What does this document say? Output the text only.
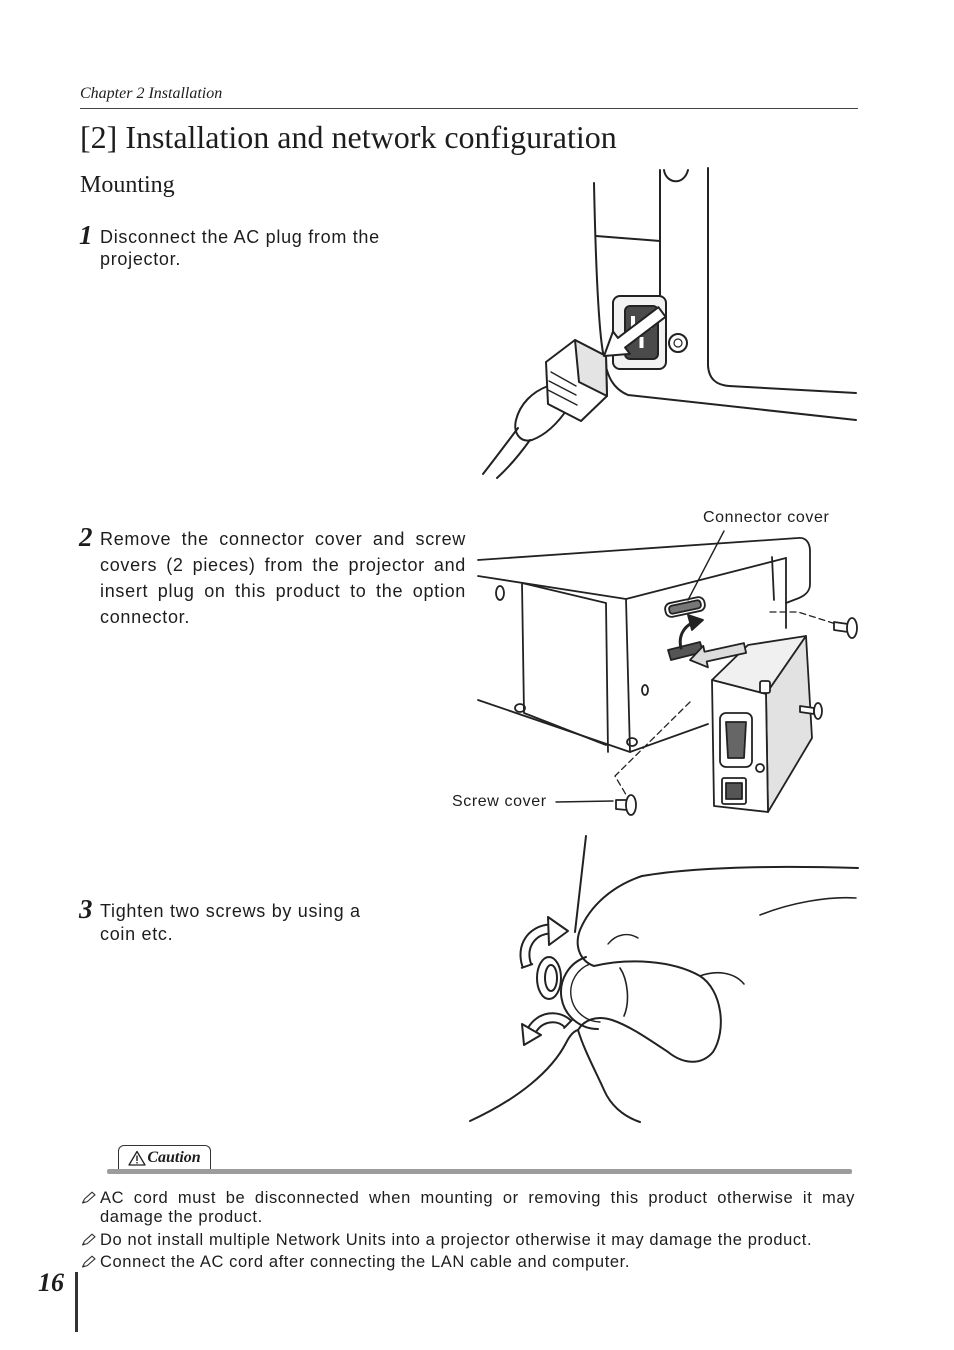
Chapter 2 Installation
[2] Installation and network configuration
Mounting
1 Disconnect the AC plug from the projector.
2 Remove the connector cover and screw covers (2 pieces) from the projector and insert plug on this product to the option connector.
Connector cover
Screw cover
3 Tighten two screws by using a coin etc.
Caution
AC cord must be disconnected when mounting or removing this product otherwise it may damage the product.
Do not install multiple Network Units into a projector otherwise it may damage the product.
Connect the AC cord after connecting the LAN cable and computer.
16
